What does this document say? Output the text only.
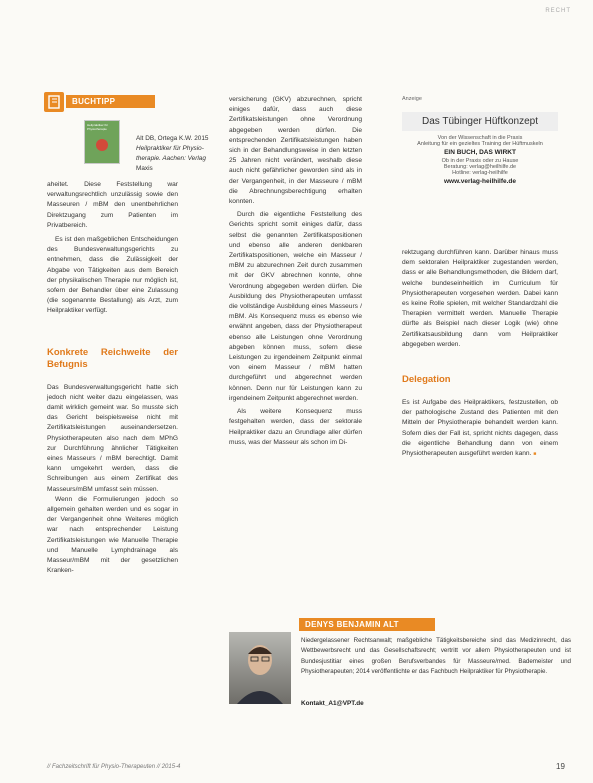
RECHT
BUCHTIPP
Heilpraktiker für Physiotherapie
Alt DB, Ortega K.W. 2015
Heilpraktiker für Physio-
therapie. Aachen: Verlag
Maxis

aheitet. Diese Feststellung war verwaltungsrechtlich unzulässig sowie den Masseuren / mBM den unentbehrlichen Direktzugang zum Patienten im Privatbereich.

Es ist den maßgeblichen Entscheidungen des Bundesverwaltungsgerichts zu entnehmen, dass die Zulässigkeit der Abgabe von Tätigkeiten aus dem Bereich der physikalischen Therapie nur möglich ist, sofern der Behandler über eine Zulassung (die sogenannte Bestallung) als Arzt, zum Heilpraktiker verfügt.

Konkrete Reichweite der Befugnis

Das Bundesverwaltungsgericht hatte sich jedoch nicht weiter dazu eingelassen, was damit wirklich gemeint war. So musste sich das Gericht beispielsweise nicht mit Zertifikatsleistungen auseinandersetzen. Physiotherapeuten also nach dem MPhG zur Durchführung ähnlicher Tätigkeiten eines Masseurs / mBM berechtigt. Damit kann umgekehrt werden, dass die Schreibungen aus einem Zertifikat des Masseurs/mBM umfasst sein müssen.

Wenn die Formulierungen jedoch so allgemein gehalten werden und es sogar in der Vergangenheit ohne Weiteres möglich war nach entsprechender Leistung Zertifikatsleistungen wie Manuelle Therapie und Manuelle Lymphdrainage als Masseur/mBM mit der gesetzlichen Kranken-

versicherung (GKV) abzurechnen, spricht einiges dafür, dass auch diese Zertifikatsleistungen ohne Verordnung abgegeben werden dürfen. Die entsprechenden Zertifikatsleistungen haben sich in der Behandlungsweise in den letzten 25 Jahren nicht verändert, weshalb diese auch nicht gefährlicher geworden sind als in der Vergangenheit, in der Masseure / mBM die Abrechnungsberechtigung erhalten konnten.

Durch die eigentliche Feststellung des Gerichts spricht somit einiges dafür, dass selbst die genannten Zertifikatspositionen und ebenso alle anderen denkbaren Zertifikatspositionen, welche ein Masseur / mBM zu abzurechnen Zeit durch zusammen mit der GKV abrechnen konnte, ohne Verordnung abgegeben werden dürfen. Die Ausbildung des Physiotherapeuten umfasst die vollständige Ausbildung eines Masseurs / mBM. Als Konsequenz muss es ebenso wie erwähnt angeben, dass der Physiotherapeut ebenso alle Leistungen ohne Verordnung abgeben können muss, sofern diese Leistungen zu irgendeinem Zeitpunkt einmal von einem Masseur / mBM hatten durchgeführt und abgerechnet werden können. Denn nur für Leistungen kann zu irgendeinem Zeitpunkt abgerechnet werden.

Als weitere Konsequenz muss festgehalten werden, dass der sektorale Heilpraktiker dazu an Grundlage aller dürfen muss, was der Masseur als schon im Di-

Anzeige
Das Tübinger Hüftkonzept
Von der Wissenschaft in die Praxis
Anleitung für ein gezieltes Training der Hüftmuskeln
EIN BUCH, DAS WIRKT
Ob in der Praxis oder zu Hause
Beratung: verlag@heilhilfe.de
Hotline: verlag-heilhilfe
www.verlag-heilhilfe.de

rektzugang durchführen kann. Darüber hinaus muss dem sektoralen Heilpraktiker zugestanden werden, dass er alle Behandlungsmethoden, die Bildern darf, welche bundeseinheitlich im Curriculum für Physiotherapeuten vorgesehen werden. Dabei kann es keine Rolle spielen, mit welcher Standardzahl die Therapien vermittelt werden. Manuelle Therapie dürfte als Beispiel nach dieser Logik (wie) ohne Zertifikatsausbildung dann vom Heilpraktiker abgegeben werden.

Delegation

Es ist Aufgabe des Heilpraktikers, festzustellen, ob der pathologische Zustand des Patienten mit den Mitteln der Physiotherapie behandelt werden kann. Sofern dies der Fall ist, spricht nichts dagegen, dass die eigentliche Behandlung dann von einem Physiotherapeuten ausgeführt werden kann. ■

DENYS BENJAMIN ALT
Niedergelassener Rechtsanwalt; maßgebliche Tätigkeitsbereiche sind das Medizinrecht, das Wettbewerbsrecht und das Gesellschaftsrecht; vertritt vor allem Physiotherapeuten und ist Bundesjustitiar eines großen Berufsverbandes für Masseure/med. Bademeister und Physiotherapeuten; 2014 veröffentlichte er das Fachbuch Heilpraktiker für Physiotherapie.
Kontakt_A1@VPT.de
// Fachzeitschrift für Physio-Therapeuten // 2015-4	19
